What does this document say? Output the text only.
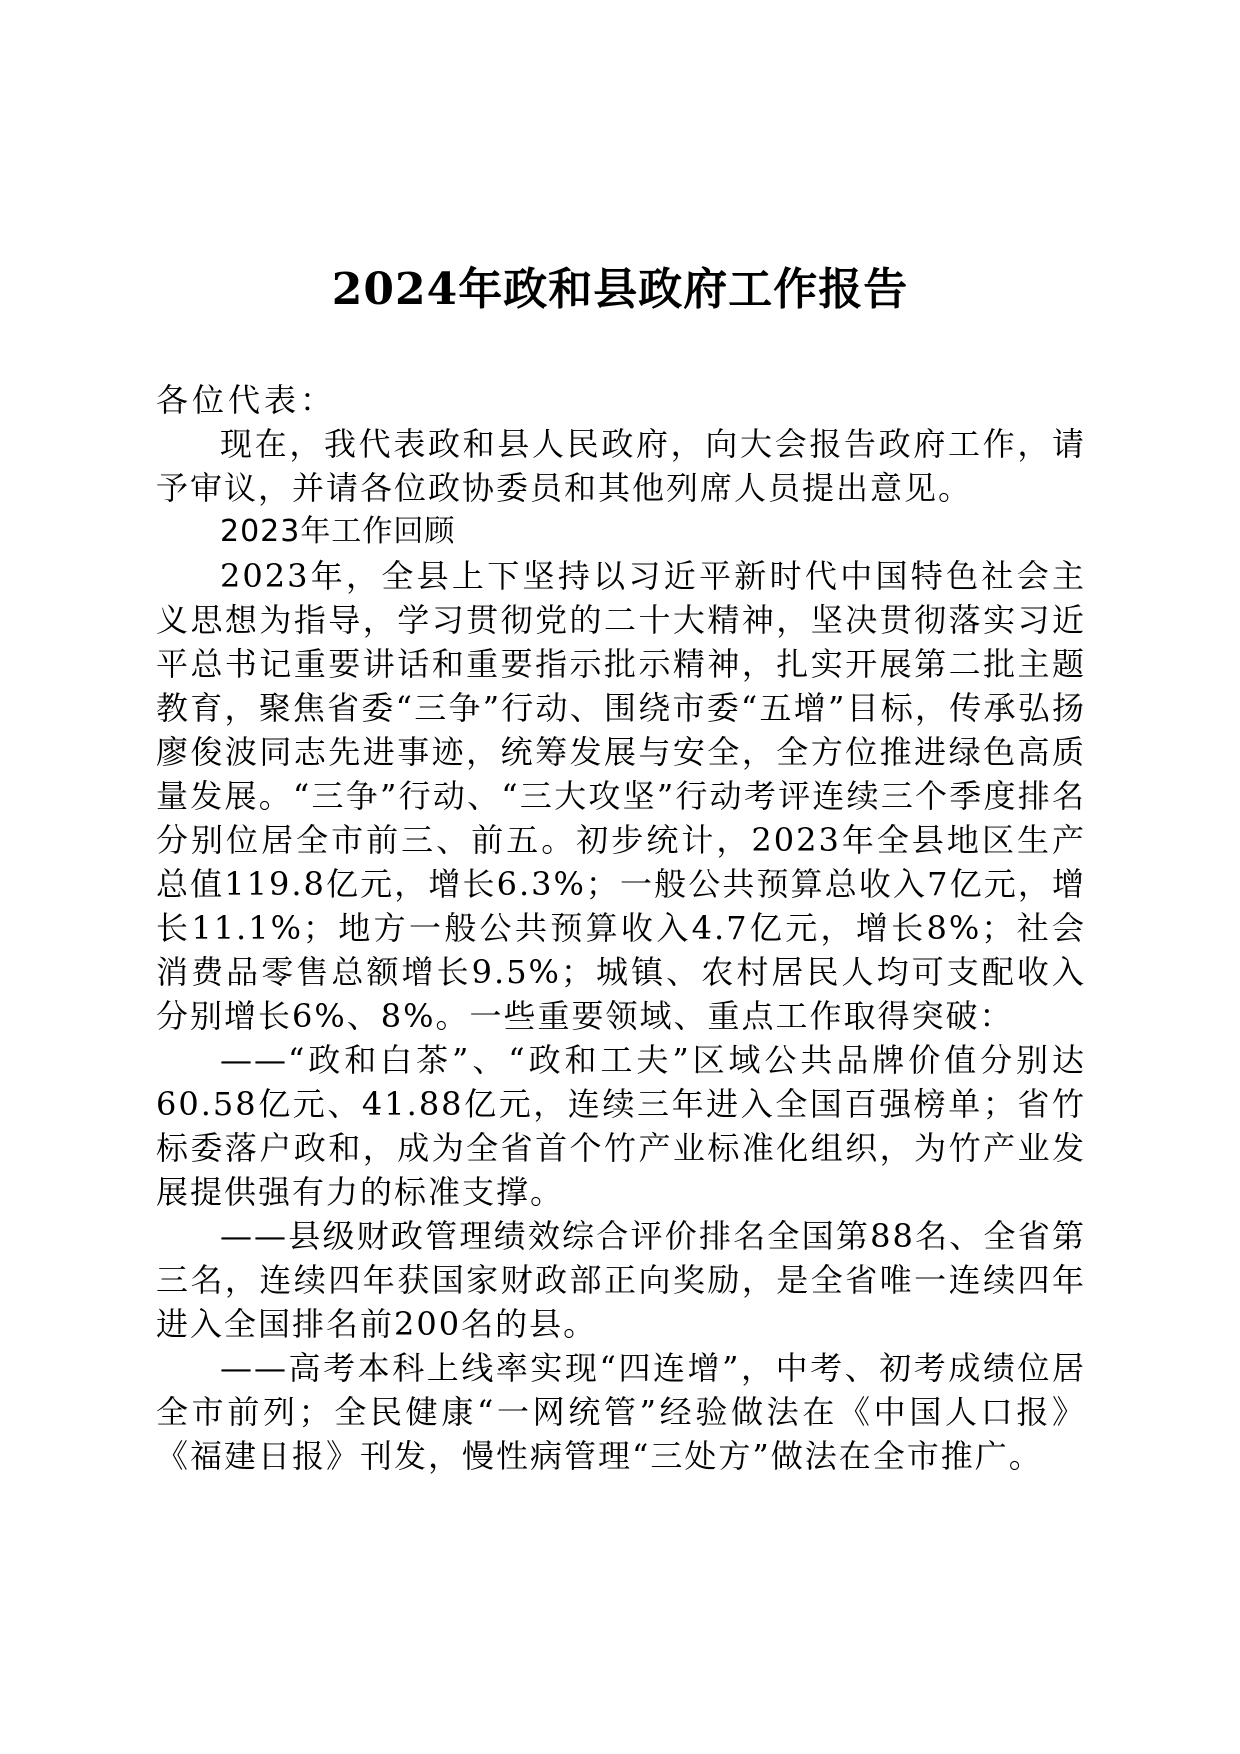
2024年政和县政府工作报告

各位代表：

现在，我代表政和县人民政府，向大会报告政府工作，请予审议，并请各位政协委员和其他列席人员提出意见。

2023年工作回顾

2023年，全县上下坚持以习近平新时代中国特色社会主义思想为指导，学习贯彻党的二十大精神，坚决贯彻落实习近平总书记重要讲话和重要指示批示精神，扎实开展第二批主题教育，聚焦省委“三争”行动、围绕市委“五增”目标，传承弘扬廖俊波同志先进事迹，统筹发展与安全，全方位推进绿色高质量发展。“三争”行动、“三大攻坚”行动考评连续三个季度排名分别位居全市前三、前五。初步统计，2023年全县地区生产总值119.8亿元，增长6.3%；一般公共预算总收入7亿元，增长11.1%；地方一般公共预算收入4.7亿元，增长8%；社会消费品零售总额增长9.5%；城镇、农村居民人均可支配收入分别增长6%、8%。一些重要领域、重点工作取得突破：

——“政和白茶”、“政和工夫”区域公共品牌价值分别达60.58亿元、41.88亿元，连续三年进入全国百强榜单；省竹标委落户政和，成为全省首个竹产业标准化组织，为竹产业发展提供强有力的标准支撑。

——县级财政管理绩效综合评价排名全国第88名、全省第三名，连续四年获国家财政部正向奖励，是全省唯一连续四年进入全国排名前200名的县。

——高考本科上线率实现“四连增”，中考、初考成绩位居全市前列；全民健康“一网统管”经验做法在《中国人口报》《福建日报》刊发，慢性病管理“三处方”做法在全市推广。
